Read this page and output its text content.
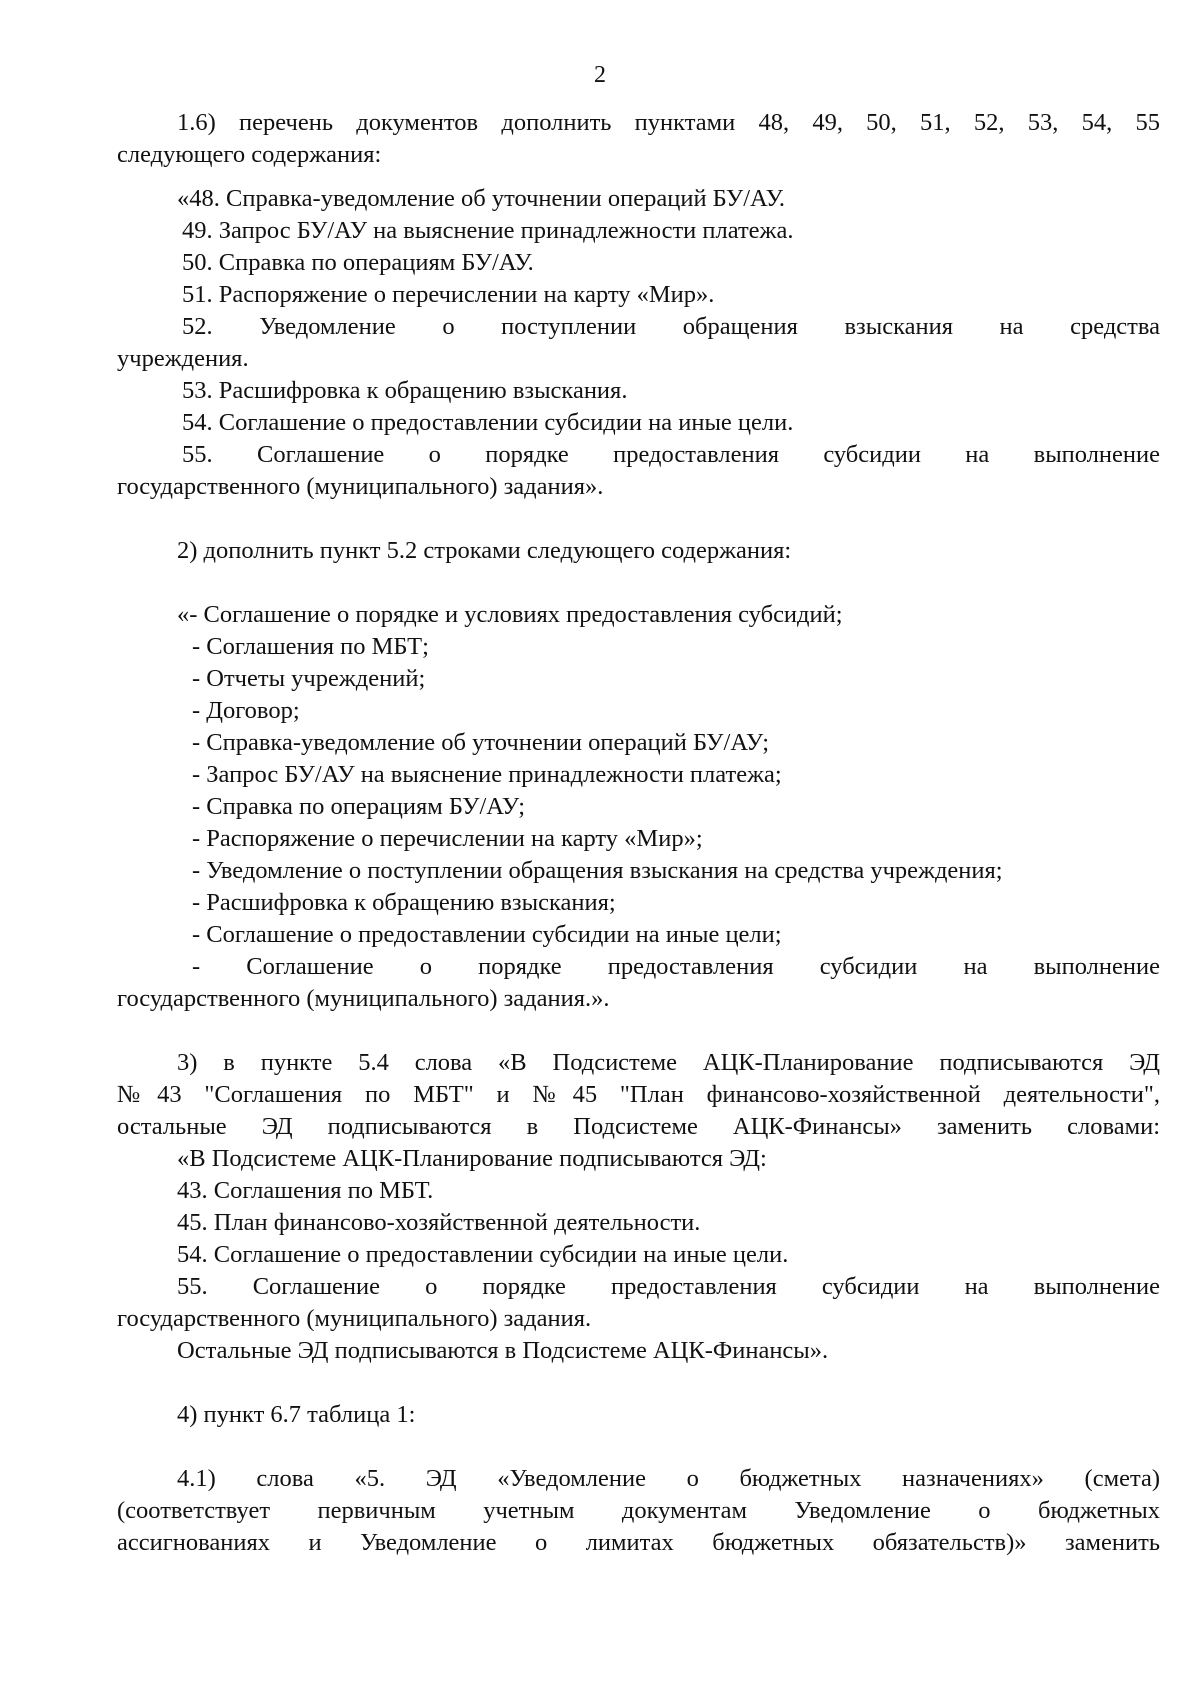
2
1.6) перечень документов дополнить пунктами 48, 49, 50, 51, 52, 53, 54, 55
следующего содержания:
«48. Справка-уведомление об уточнении операций БУ/АУ.
49. Запрос БУ/АУ на выяснение принадлежности платежа.
50. Справка по операциям БУ/АУ.
51. Распоряжение о перечислении на карту «Мир».
52. Уведомление о поступлении обращения взыскания на средства
учреждения.
53. Расшифровка к обращению взыскания.
54. Соглашение о предоставлении субсидии на иные цели.
55. Соглашение о порядке предоставления субсидии на выполнение
государственного (муниципального) задания».
2) дополнить пункт 5.2 строками следующего содержания:
«- Соглашение о порядке и условиях предоставления субсидий;
- Соглашения по МБТ;
- Отчеты учреждений;
- Договор;
- Справка-уведомление об уточнении операций БУ/АУ;
- Запрос БУ/АУ на выяснение принадлежности платежа;
- Справка по операциям БУ/АУ;
- Распоряжение о перечислении на карту «Мир»;
- Уведомление о поступлении обращения взыскания на средства учреждения;
- Расшифровка к обращению взыскания;
- Соглашение о предоставлении субсидии на иные цели;
- Соглашение о порядке предоставления субсидии на выполнение
государственного (муниципального) задания.».
3) в пункте 5.4 слова «В Подсистеме АЦК-Планирование подписываются ЭД
№43 "Соглашения по МБТ" и №45 "План финансово-хозяйственной деятельности",
остальные ЭД подписываются в Подсистеме АЦК-Финансы» заменить словами:
«В Подсистеме АЦК-Планирование подписываются ЭД:
43. Соглашения по МБТ.
45. План финансово-хозяйственной деятельности.
54. Соглашение о предоставлении субсидии на иные цели.
55. Соглашение о порядке предоставления субсидии на выполнение
государственного (муниципального) задания.
Остальные ЭД подписываются в Подсистеме АЦК-Финансы».
4) пункт 6.7 таблица 1:
4.1) слова «5. ЭД «Уведомление о бюджетных назначениях» (смета)
(соответствует первичным учетным документам Уведомление о бюджетных
ассигнованиях и Уведомление о лимитах бюджетных обязательств)» заменить
